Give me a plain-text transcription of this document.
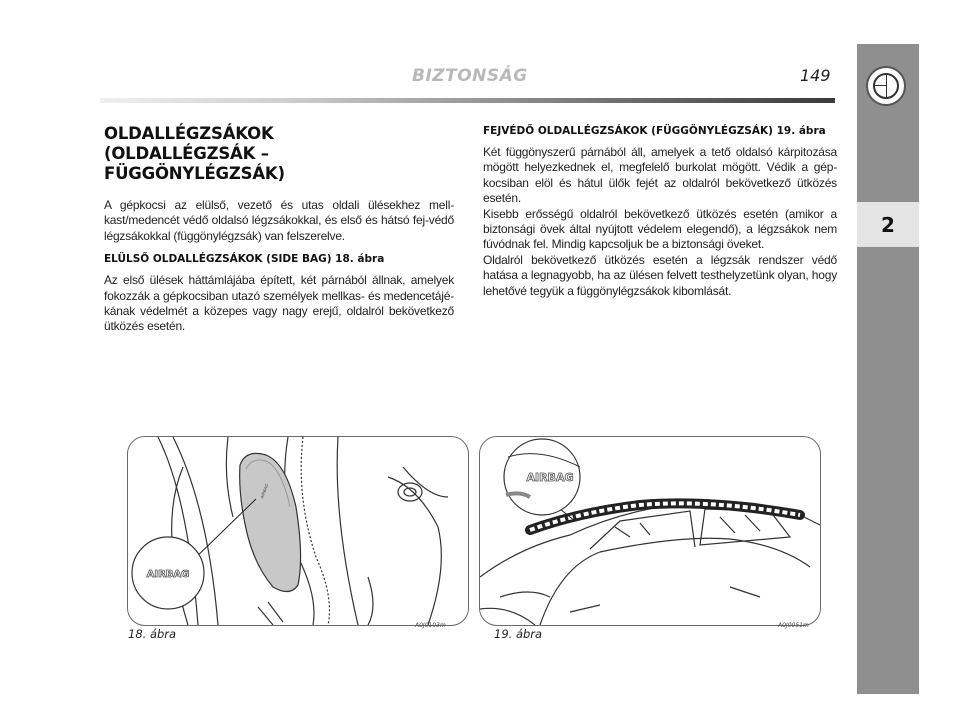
2
BIZTONSÁG	149
OLDALLÉGZSÁKOK
(OLDALLÉGZSÁK – FÜGGÖNYLÉGZSÁK)

A gépkocsi az elülső, vezető és utas oldali ülésekhez mell-kast/medencét védő oldalsó légzsákokkal, és első és hátsó fej-védő légzsákokkal (függönylégzsák) van felszerelve.

ELÜLSŐ OLDALLÉGZSÁKOK (SIDE BAG) 18. ábra

Az első ülések háttámlájába épített, két párnából állnak, amelyek fokozzák a gépkocsiban utazó személyek mellkas- és medencetájé-kának védelmét a közepes vagy nagy erejű, oldalról bekövetkező ütközés esetén.

FEJVÉDŐ OLDALLÉGZSÁKOK (FÜGGÖNYLÉGZSÁK) 19. ábra

Két függönyszerű párnából áll, amelyek a tető oldalsó kárpitozása mögött helyezkednek el, megfelelő burkolat mögött. Védik a gép-kocsiban elöl és hátul ülők fejét az oldalról bekövetkező ütközés esetén.

Kisebb erősségű oldalról bekövetkező ütközés esetén (amikor a biztonsági övek által nyújtott védelem elegendő), a légzsákok nem fúvódnak fel. Mindig kapcsoljuk be a biztonsági öveket.

Oldalról bekövetkező ütközés esetén a légzsák rendszer védő hatása a legnagyobb, ha az ülésen felvett testhelyzetünk olyan, hogy lehetővé tegyük a függönylégzsákok kibomlását.

AIRBAG
AIRBAG
18. ábra
A0J0103m
AIRBAG
19. ábra
A0J0051m
